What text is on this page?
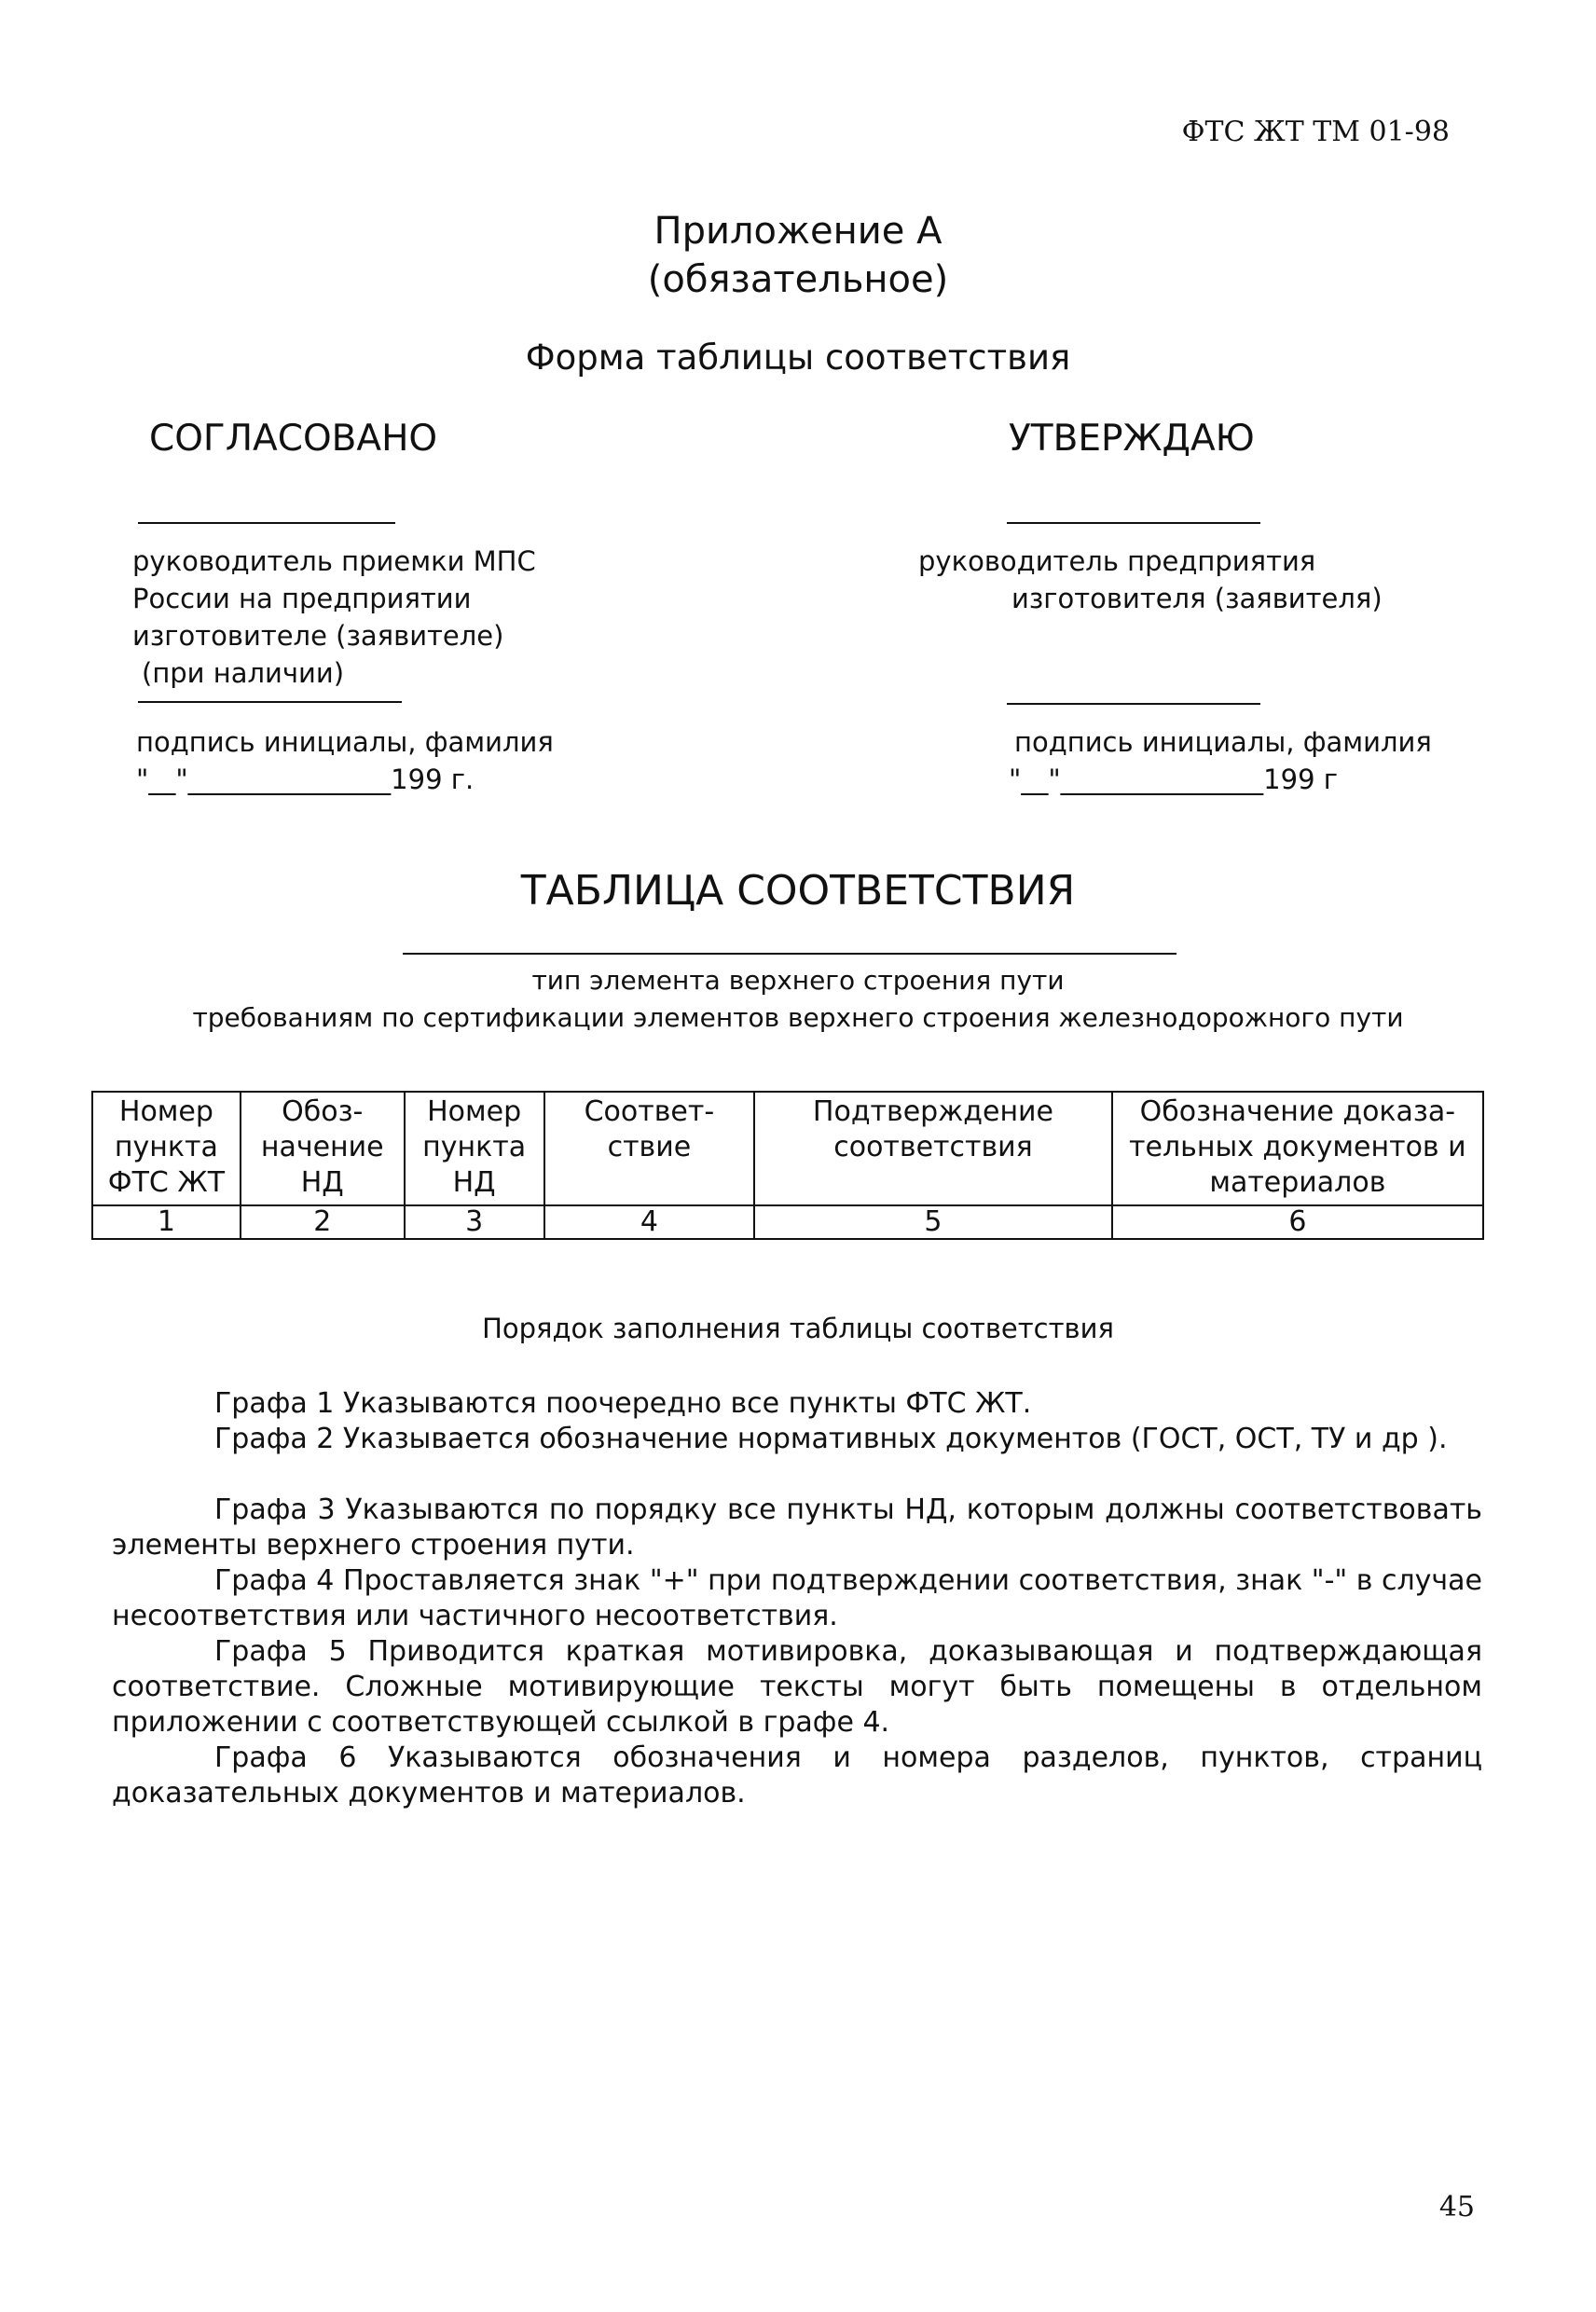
ФТС ЖТ ТМ 01-98
Приложение А
(обязательное)
Форма таблицы соответствия
СОГЛАСОВАНО
руководитель приемки МПС
России на предприятии
изготовителе (заявителе)
(при наличии)
подпись инициалы, фамилия
"__"_______________199 г.
УТВЕРЖДАЮ
руководитель предприятия
изготовителя (заявителя)
подпись инициалы, фамилия
"__"_______________199 г
ТАБЛИЦА СООТВЕТСТВИЯ
тип элемента верхнего строения пути
требованиям по сертификации элементов верхнего строения железнодорожного пути
Номер пункта ФТС ЖТ	Обоз-начение НД	Номер пункта НД	Соответ-ствие	Подтверждение соответствия	Обозначение доказа-тельных документов и материалов
1	2	3	4	5	6
Порядок заполнения таблицы соответствия
Графа 1 Указываются поочередно все пункты ФТС ЖТ.
Графа 2 Указывается обозначение нормативных документов (ГОСТ, ОСТ, ТУ и др ).
Графа 3 Указываются по порядку все пункты НД, которым должны соответствовать элементы верхнего строения пути.
Графа 4 Проставляется знак "+" при подтверждении соответствия, знак "-" в случае несоответствия или частичного несоответствия.
Графа 5 Приводится краткая мотивировка, доказывающая и подтверждающая соответствие. Сложные мотивирующие тексты могут быть помещены в отдельном приложении с соответствующей ссылкой в графе 4.
Графа 6 Указываются обозначения и номера разделов, пунктов, страниц доказательных документов и материалов.
45
